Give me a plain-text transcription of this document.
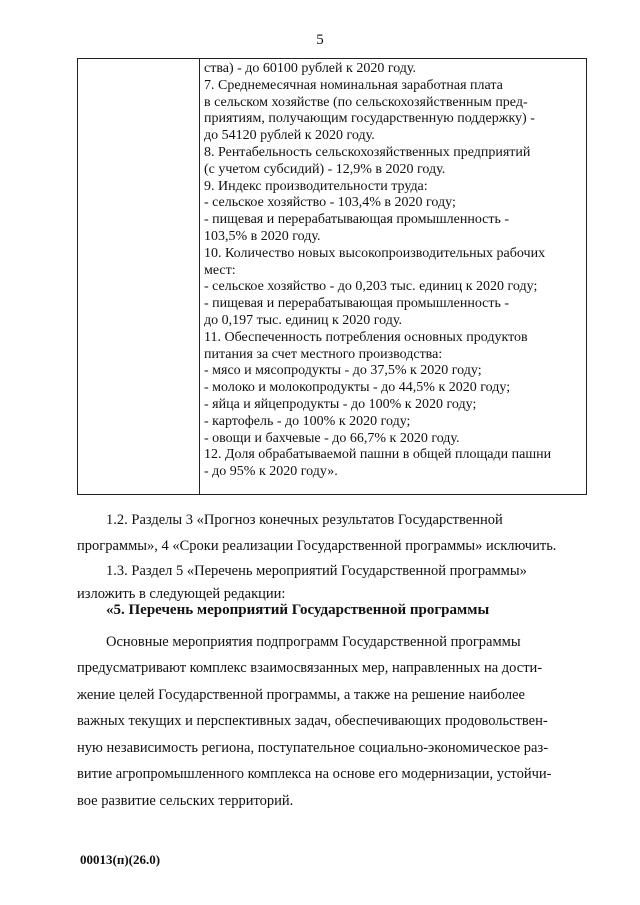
5
ства) - до 60100 рублей к 2020 году.
7. Среднемесячная номинальная заработная плата
в сельском хозяйстве (по сельскохозяйственным пред-
приятиям, получающим государственную поддержку) -
до 54120 рублей к 2020 году.
8. Рентабельность сельскохозяйственных предприятий
(с учетом субсидий) - 12,9% в 2020 году.
9. Индекс производительности труда:
- сельское хозяйство - 103,4% в 2020 году;
- пищевая и перерабатывающая промышленность -
103,5% в 2020 году.
10. Количество новых высокопроизводительных рабочих
мест:
- сельское хозяйство - до 0,203 тыс. единиц к 2020 году;
- пищевая и перерабатывающая промышленность -
до 0,197 тыс. единиц к 2020 году.
11. Обеспеченность потребления основных продуктов
питания за счет местного производства:
- мясо и мясопродукты - до 37,5% к 2020 году;
- молоко и молокопродукты - до 44,5% к 2020 году;
- яйца и яйцепродукты - до 100% к 2020 году;
- картофель - до 100% к 2020 году;
- овощи и бахчевые - до 66,7% к 2020 году.
12. Доля обрабатываемой пашни в общей площади пашни
- до 95% к 2020 году».
1.2. Разделы 3 «Прогноз конечных результатов Государственной
программы», 4 «Сроки реализации Государственной программы» исключить.
1.3. Раздел 5 «Перечень мероприятий Государственной программы»
изложить в следующей редакции:
«5. Перечень мероприятий Государственной программы
Основные мероприятия подпрограмм Государственной программы
предусматривают комплекс взаимосвязанных мер, направленных на дости-
жение целей Государственной программы, а также на решение наиболее
важных текущих и перспективных задач, обеспечивающих продовольствен-
ную независимость региона, поступательное социально-экономическое раз-
витие агропромышленного комплекса на основе его модернизации, устойчи-
вое развитие сельских территорий.
00013(п)(26.0)
